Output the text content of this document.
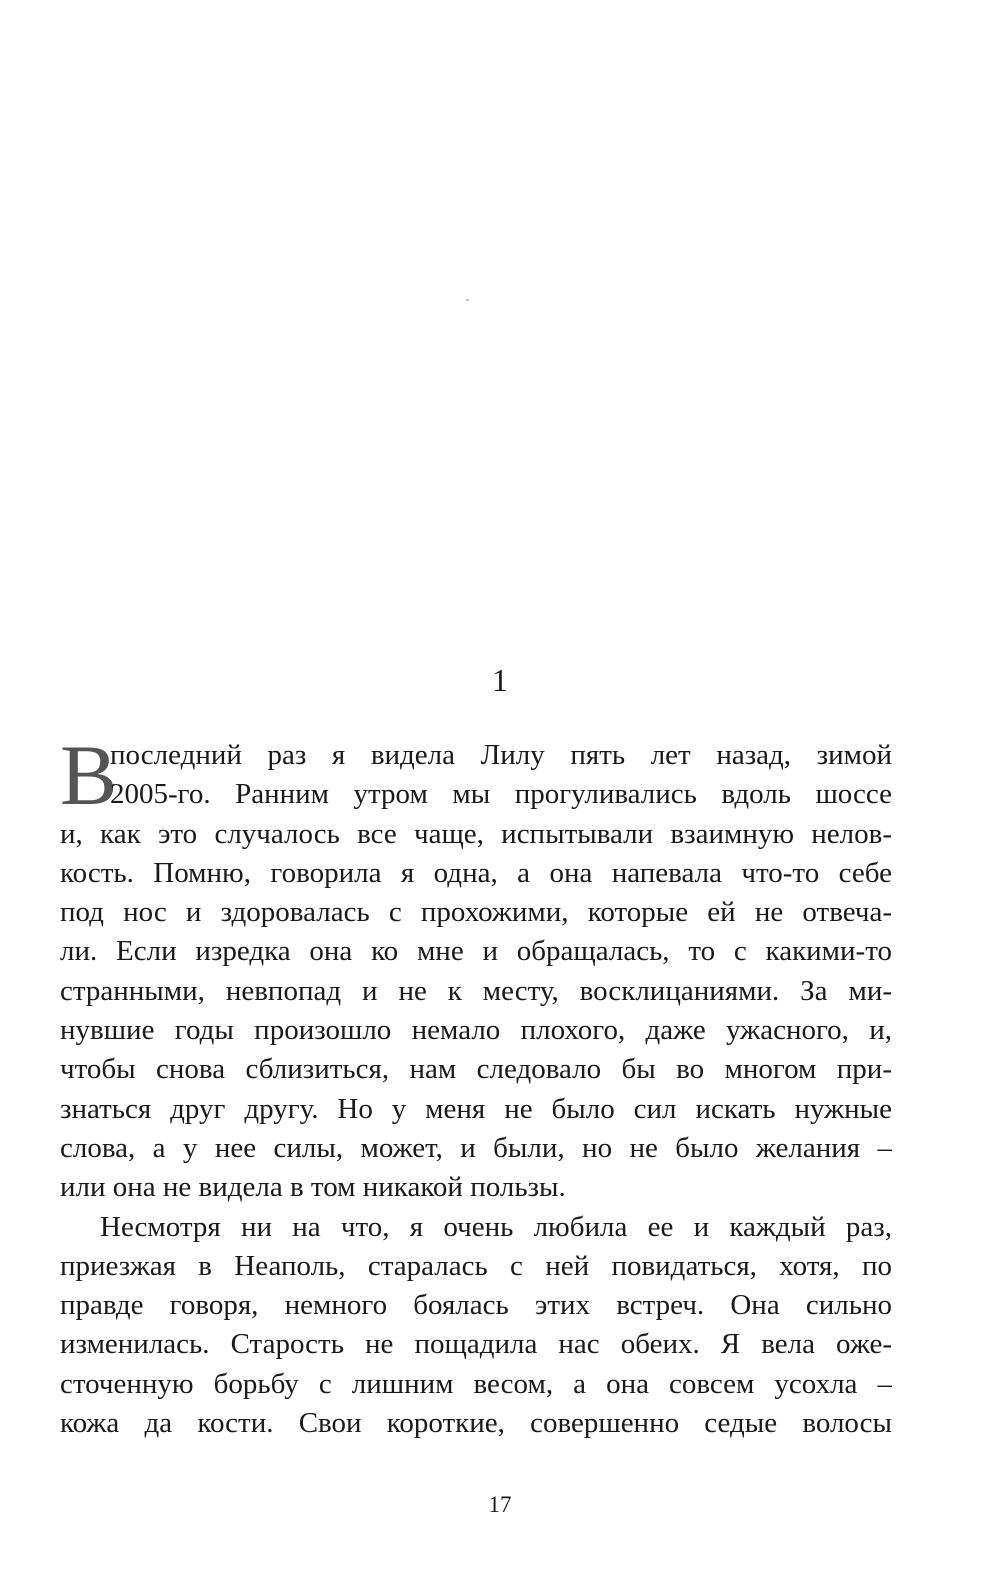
1
В
последний раз я видела Лилу пять лет назад, зимой
2005-го. Ранним утром мы прогуливались вдоль шоссе
и, как это случалось все чаще, испытывали взаимную нелов-
кость. Помню, говорила я одна, а она напевала что-то себе
под нос и здоровалась с прохожими, которые ей не отвеча-
ли. Если изредка она ко мне и обращалась, то с какими-то
странными, невпопад и не к месту, восклицаниями. За ми-
нувшие годы произошло немало плохого, даже ужасного, и,
чтобы снова сблизиться, нам следовало бы во многом при-
знаться друг другу. Но у меня не было сил искать нужные
слова, а у нее силы, может, и были, но не было желания –
или она не видела в том никакой пользы.
Несмотря ни на что, я очень любила ее и каждый раз,
приезжая в Неаполь, старалась с ней повидаться, хотя, по
правде говоря, немного боялась этих встреч. Она сильно
изменилась. Старость не пощадила нас обеих. Я вела оже-
сточенную борьбу с лишним весом, а она совсем усохла –
кожа да кости. Свои короткие, совершенно седые волосы
17
